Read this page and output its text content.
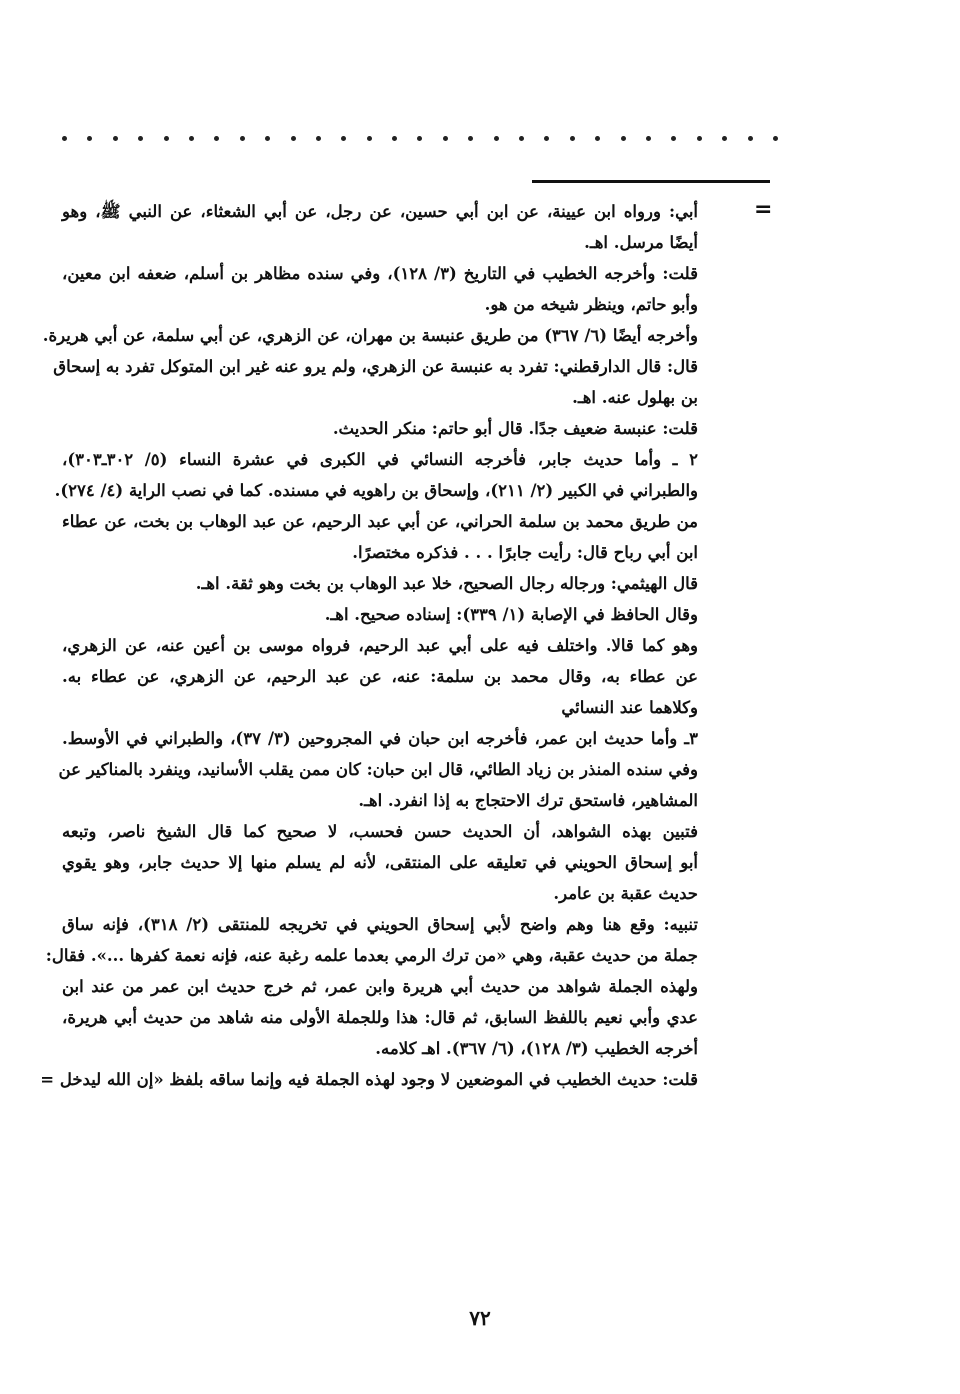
=
أبي: ورواه ابن عيينة، عن ابن أبي حسين، عن رجل، عن أبي الشعثاء، عن النبي ﷺ، وهو
أيضًا مرسل. اهـ.
قلت: وأخرجه الخطيب في التاريخ (٣/ ١٢٨)، وفي سنده مظاهر بن أسلم، ضعفه ابن معين،
وأبو حاتم، وينظر شيخه من هو.
وأخرجه أيضًا (٦/ ٣٦٧) من طريق عنبسة بن مهران، عن الزهري، عن أبي سلمة، عن أبي هريرة.
قال: قال الدارقطني: تفرد به عنبسة عن الزهري، ولم يرو عنه غير ابن المتوكل تفرد به إسحاق
بن بهلول عنه. اهـ.
قلت: عنبسة ضعيف جدًا. قال أبو حاتم: منكر الحديث.
٢ ـ وأما حديث جابر، فأخرجه النسائي في الكبرى في عشرة النساء (٥/ ٣٠٢ـ٣٠٣)،
والطبراني في الكبير (٢/ ٢١١)، وإسحاق بن راهويه في مسنده. كما في نصب الراية (٤/ ٢٧٤).
من طريق محمد بن سلمة الحراني، عن أبي عبد الرحيم، عن عبد الوهاب بن بخت، عن عطاء
ابن أبي رباح قال: رأيت جابرًا . . . فذكره مختصرًا.
قال الهيثمي: ورجاله رجال الصحيح، خلا عبد الوهاب بن بخت وهو ثقة. اهـ.
وقال الحافظ في الإصابة (١/ ٣٣٩): إسناده صحيح. اهـ.
وهو كما قالا. واختلف فيه على أبي عبد الرحيم، فرواه موسى بن أعين عنه، عن الزهري،
عن عطاء به، وقال محمد بن سلمة: عنه، عن عبد الرحيم، عن الزهري، عن عطاء به.
وكلاهما عند النسائي
٣ـ وأما حديث ابن عمر، فأخرجه ابن حبان في المجروحين (٣/ ٣٧)، والطبراني في الأوسط.
وفي سنده المنذر بن زياد الطائي، قال ابن حبان: كان ممن يقلب الأسانيد، وينفرد بالمناكير عن
المشاهير، فاستحق ترك الاحتجاج به إذا انفرد. اهـ.
فتبين بهذه الشواهد، أن الحديث حسن فحسب، لا صحيح كما قال الشيخ ناصر، وتبعه
أبو إسحاق الحويني في تعليقه على المنتقى، لأنه لم يسلم منها إلا حديث جابر، وهو يقوي
حديث عقبة بن عامر.
تنبيه: وقع هنا وهم واضح لأبي إسحاق الحويني في تخريجه للمنتقى (٢/ ٣١٨)، فإنه ساق
جملة من حديث عقبة، وهي «من ترك الرمي بعدما علمه رغبة عنه، فإنه نعمة كفرها ...». فقال:
ولهذه الجملة شواهد من حديث أبي هريرة وابن عمر، ثم خرج حديث ابن عمر من عند ابن
عدي وأبي نعيم باللفظ السابق، ثم قال: هذا وللجملة الأولى منه شاهد من حديث أبي هريرة،
أخرجه الخطيب (٣/ ١٢٨)، (٦/ ٣٦٧). اهـ كلامه.
قلت: حديث الخطيب في الموضعين لا وجود لهذه الجملة فيه وإنما ساقه بلفظ «إن الله ليدخل =
٧٢
